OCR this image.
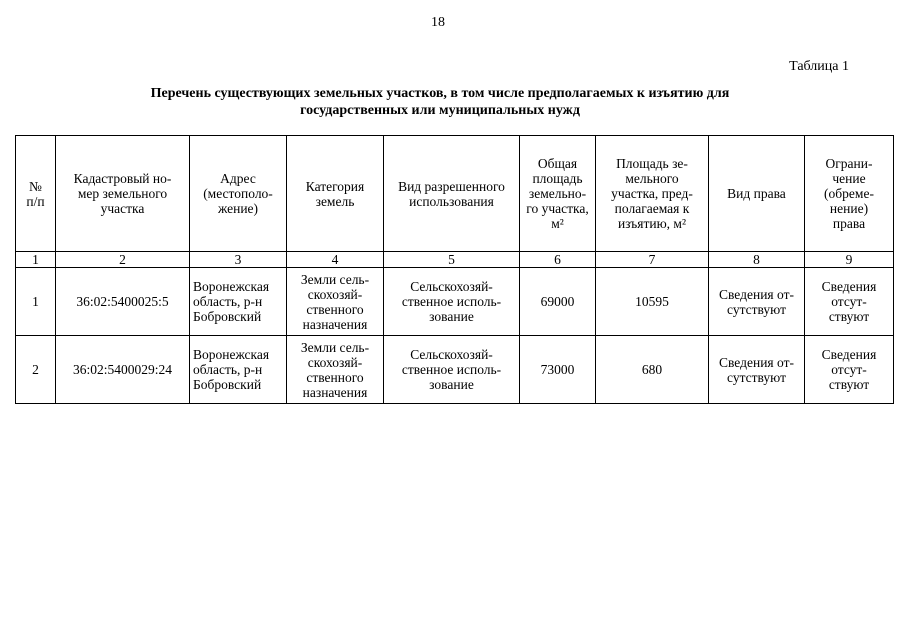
18
Таблица 1
Перечень существующих земельных участков, в том числе предполагаемых к изъятию для
государственных или муниципальных нужд
№
п/п	Кадастровый но-
мер земельного
участка	Адрес
(местополо-
жение)	Категория
земель	Вид разрешенного
использования	Общая
площадь
земельно-
го участка,
м²	Площадь зе-
мельного
участка, пред-
полагаемая к
изъятию, м²	Вид права	Ограни-
чение
(обреме-
нение)
права
1	2	3	4	5	6	7	8	9
1	36:02:5400025:5	Воронежская
область, р-н
Бобровский	Земли сель-
скохозяй-
ственного
назначения	Сельскохозяй-
ственное исполь-
зование	69000	10595	Сведения от-
сутствуют	Сведения
отсут-
ствуют
2	36:02:5400029:24	Воронежская
область, р-н
Бобровский	Земли сель-
скохозяй-
ственного
назначения	Сельскохозяй-
ственное исполь-
зование	73000	680	Сведения от-
сутствуют	Сведения
отсут-
ствуют
